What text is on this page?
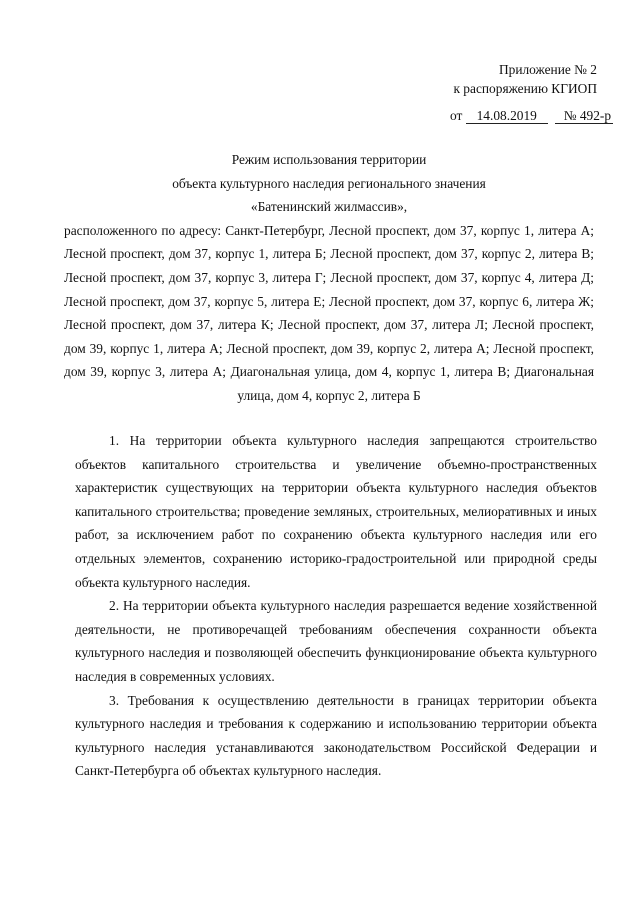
Приложение № 2
к распоряжению КГИОП
от 14.08.2019 № 492-р

Режим использования территории

объекта культурного наследия регионального значения

«Батенинский жилмассив»,

расположенного по адресу: Санкт-Петербург, Лесной проспект, дом 37, корпус 1, литера А; Лесной проспект, дом 37, корпус 1, литера Б; Лесной проспект, дом 37, корпус 2, литера В; Лесной проспект, дом 37, корпус 3, литера Г; Лесной проспект, дом 37, корпус 4, литера Д; Лесной проспект, дом 37, корпус 5, литера Е; Лесной проспект, дом 37, корпус 6, литера Ж; Лесной проспект, дом 37, литера К; Лесной проспект, дом 37, литера Л; Лесной проспект, дом 39, корпус 1, литера А; Лесной проспект, дом 39, корпус 2, литера А; Лесной проспект, дом 39, корпус 3, литера А; Диагональная улица, дом 4, корпус 1, литера В; Диагональная улица, дом 4, корпус 2, литера Б

1. На территории объекта культурного наследия запрещаются строительство объектов капитального строительства и увеличение объемно-пространственных характеристик существующих на территории объекта культурного наследия объектов капитального строительства; проведение земляных, строительных, мелиоративных и иных работ, за исключением работ по сохранению объекта культурного наследия или его отдельных элементов, сохранению историко-градостроительной или природной среды объекта культурного наследия.

2. На территории объекта культурного наследия разрешается ведение хозяйственной деятельности, не противоречащей требованиям обеспечения сохранности объекта культурного наследия и позволяющей обеспечить функционирование объекта культурного наследия в современных условиях.

3. Требования к осуществлению деятельности в границах территории объекта культурного наследия и требования к содержанию и использованию территории объекта культурного наследия устанавливаются законодательством Российской Федерации и Санкт-Петербурга об объектах культурного наследия.
